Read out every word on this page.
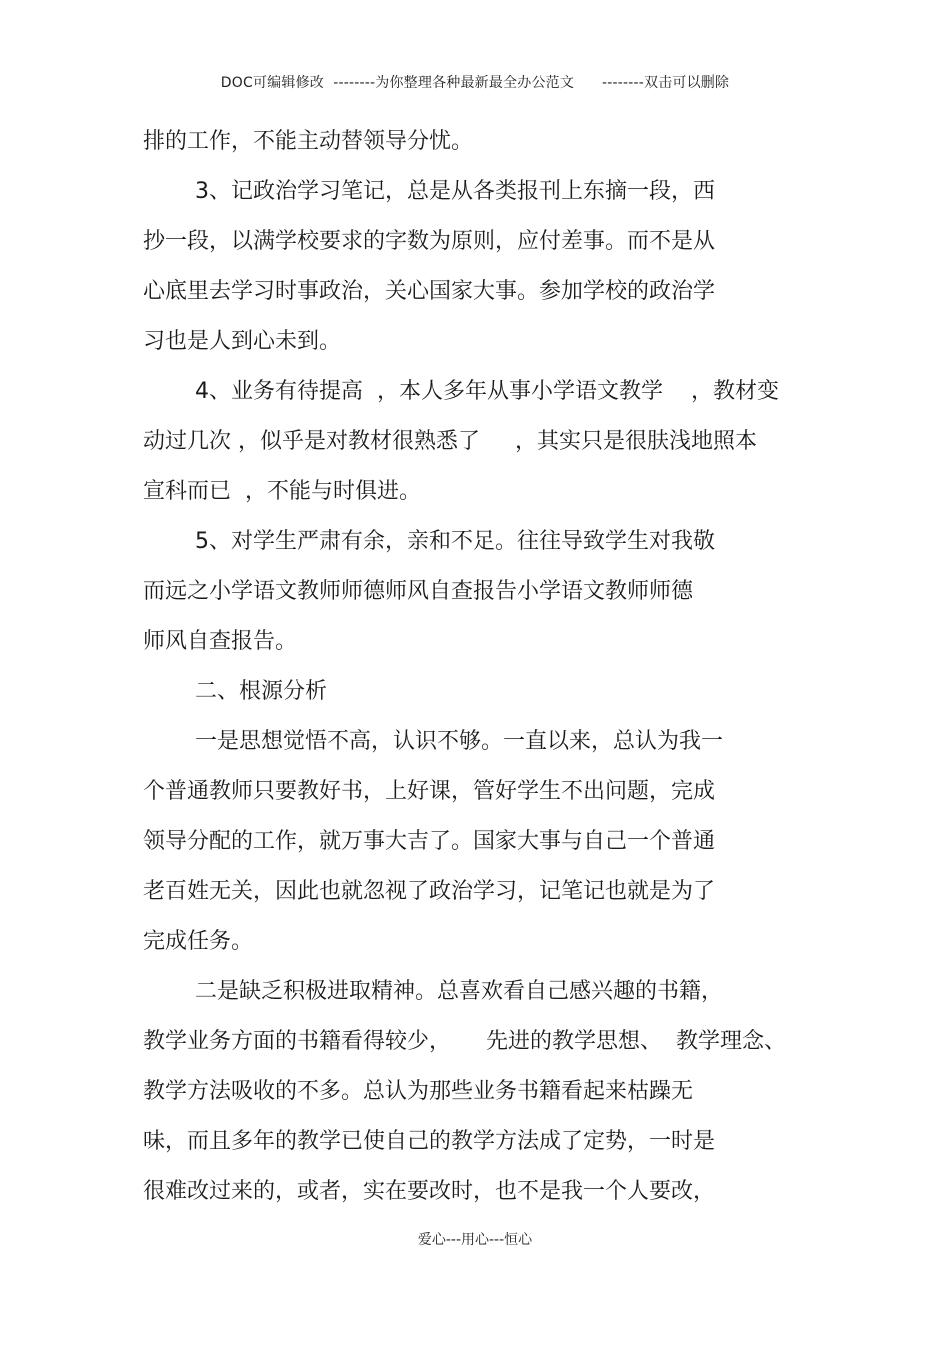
DOC可编辑修改  --------为你整理各种最新最全办公范文      --------双击可以删除
排的工作，不能主动替领导分忧。
3、记政治学习笔记，总是从各类报刊上东摘一段，西
抄一段，以满学校要求的字数为原则，应付差事。而不是从
心底里去学习时事政治，关心国家大事。参加学校的政治学
习也是人到心未到。
4、业务有待提高  ，本人多年从事小学语文教学    ，教材变
动过几次 ，似乎是对教材很熟悉了     ，其实只是很肤浅地照本
宣科而已  ，不能与时俱进。
5、对学生严肃有余，亲和不足。往往导致学生对我敬
而远之小学语文教师师德师风自查报告小学语文教师师德
师风自查报告。
二、根源分析
一是思想觉悟不高，认识不够。一直以来，总认为我一
个普通教师只要教好书，上好课，管好学生不出问题，完成
领导分配的工作，就万事大吉了。国家大事与自己一个普通
老百姓无关，因此也就忽视了政治学习，记笔记也就是为了
完成任务。
二是缺乏积极进取精神。总喜欢看自己感兴趣的书籍，
教学业务方面的书籍看得较少，     先进的教学思想、  教学理念、
教学方法吸收的不多。总认为那些业务书籍看起来枯躁无
味，而且多年的教学已使自己的教学方法成了定势，一时是
很难改过来的，或者，实在要改时，也不是我一个人要改，
爱心---用心---恒心
